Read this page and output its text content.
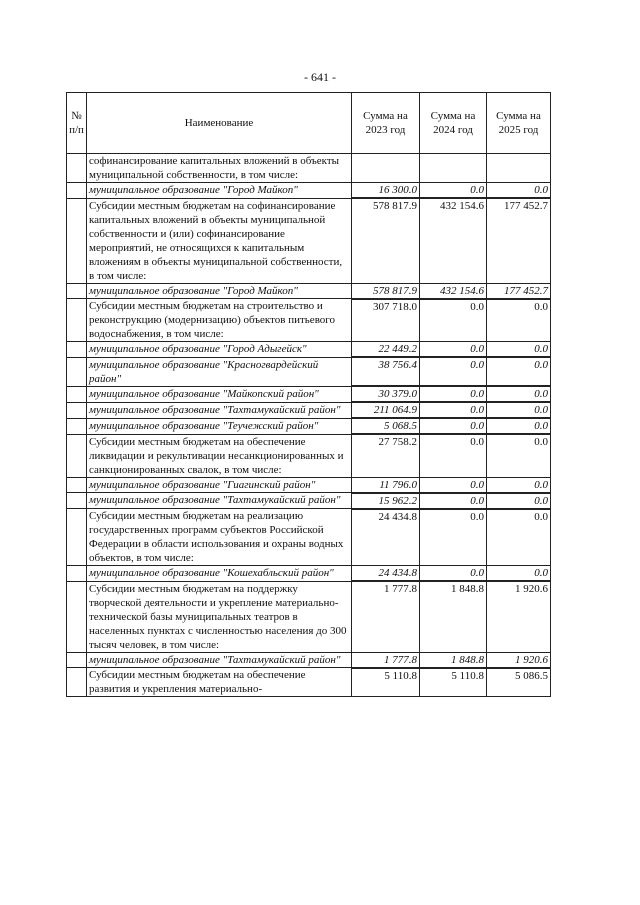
- 641 -
№ п/п	Наименование	Сумма на 2023 год	Сумма на 2024 год	Сумма на 2025 год
	софинансирование капитальных вложений в объекты муниципальной собственности, в том числе:			
	муниципальное образование "Город Майкоп"	16 300.0	0.0	0.0
	Субсидии местным бюджетам на софинансирование капитальных вложений в объекты муниципальной собственности и (или) софинансирование мероприятий, не относящихся к капитальным вложениям в объекты муниципальной собственности, в том числе:	578 817.9	432 154.6	177 452.7
	муниципальное образование "Город Майкоп"	578 817.9	432 154.6	177 452.7
	Субсидии местным бюджетам на строительство и реконструкцию (модернизацию) объектов питьевого водоснабжения, в том числе:	307 718.0	0.0	0.0
	муниципальное образование "Город Адыгейск"	22 449.2	0.0	0.0
	муниципальное образование "Красногвардейский район"	38 756.4	0.0	0.0
	муниципальное образование "Майкопский район"	30 379.0	0.0	0.0
	муниципальное образование "Тахтамукайский район"	211 064.9	0.0	0.0
	муниципальное образование "Теучежский район"	5 068.5	0.0	0.0
	Субсидии местным бюджетам на обеспечение ликвидации и рекультивации несанкционированных и санкционированных свалок, в том числе:	27 758.2	0.0	0.0
	муниципальное образование "Гиагинский район"	11 796.0	0.0	0.0
	муниципальное образование "Тахтамукайский район"	15 962.2	0.0	0.0
	Субсидии местным бюджетам на реализацию государственных программ субъектов Российской Федерации в области использования и охраны водных объектов, в том числе:	24 434.8	0.0	0.0
	муниципальное образование "Кошехабльский район"	24 434.8	0.0	0.0
	Субсидии местным бюджетам на поддержку творческой деятельности и укрепление материально-технической базы муниципальных театров в населенных пунктах с численностью населения до 300 тысяч человек, в том числе:	1 777.8	1 848.8	1 920.6
	муниципальное образование "Тахтамукайский район"	1 777.8	1 848.8	1 920.6
	Субсидии местным бюджетам на обеспечение развития и укрепления материально-	5 110.8	5 110.8	5 086.5
